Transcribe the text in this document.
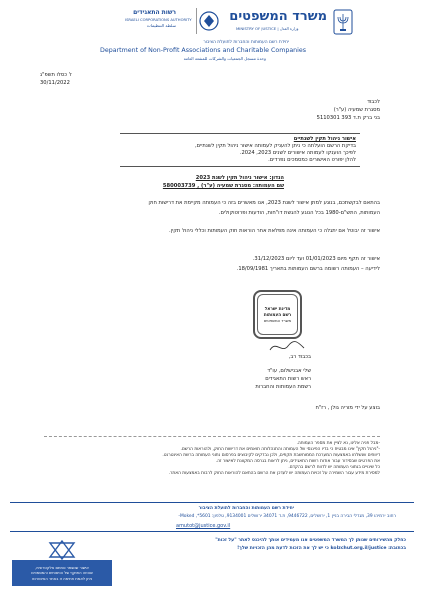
משרד המשפטים
MINISTRY OF JUSTICE | وزارة العدل
רשות התאגידים
ISRAELI CORPORATIONS AUTHORITY
سلطة التنظيمات
יחידת רשם העמותות והחברות לתועלת הציבור
Department of Non-Profit Associations and Charitable Companies
وحدة مسجل الجمعيات والشركات للمنفعة العامة
ז' כסלו תשפ"ג
30/11/2022
לכבוד
מסגרת שמעיה (ע"ר)
בני ברק ת.ד 393 5110301
אישור ניהול תקין לשנתיים
בדיקת הרשם הועלתה כי ניתן להעניק לעמותה אישור ניהול תקין לשנתיים,
לפיכך הוענקו לעמותה אישורים לשנים 2023, 2024.
להלן יפורט האישורים כמסמכים נפרדים.
הנדון: אישור ניהול תקין לשנת 2023
שם העמותה: מסגרת שמעיה (ע"ר) , 580003739
בהתאם לבקשתכם, בנוגע למתן אישור לשנת 2023, אנו מאשרים בזה כי העמותה מקיימת את דרישות חוק
העמותות, התש"ם-1980 בכל הנוגע להגשת דו"חות, הודעות ופרוטוקולים.
אישור זה יבוטל אם יתגלה כי העמותה אינה מפלאת אחר הוראות חוק העמותות וכללי ניהול תקין.
אישור זה תקף מיום 01/01/2023 ועד ליום 31/12/2023.
לידיעה – העמותה רשומה ברשם העמותות בתאריך 18/09/1981.
מדינת ישראל
רשם העמותות
משרד המשפטים
בכבוד רב,
שלי אבנישלום, עו"ד
ראש רשות התאגידים
רשמת העמותות והחברות
בוצע על ידי מוריה גולן , רז"ח
-מבל פניה אלינו, נא לציין את מספר העמותה.
-"ניהול תקין" אינו מבטיח כי בדיו הפיננסי של העמותה והתנהלותה תואמים את דרישות החוק, ולהוראות הרשם.
דיווחים שנשלחו באמצעות המערכת הממוחשבת תקפים, ולכן נבדקים לקיבוצים בפרסום נתוני העמותה ברשת האינטרנט.
את הפרטים שבסידור עבור אודות רשות התאגידים, ניתן לראות בגרסה המקוונת לאישור זה.
כל שינויים בנתוני העמותה יש לדווח לרשם בהקדם.
למסירת מידע עבור השמירה על זכויות העמותה יש לעדכן את הרשם בהתאם להוראות החוק לרבות באמצעות האתר.
יחידת רשם העמותות והחברות לתועלת הציבור
רחוב ירמיהו 39, מגדלי הבירה בניין 1, ירושלים, 9446722, ת.ד 34071 ירושלים 9134001, טלפון: 5601*, Moked-
amutot@justice.gov.il
כחלק מהשירותים שנותן לך המשרד המשפטים אנו מעמידים אותך להיכנס לאתר "על זכות"
בכתובת: kolzchut.org.il/justice כי יש לך את הזכות לדעת מהן הזכויות שלך!
אישור שנשמר ונחתם אלקטרונית,
שהוזה התוקף של הניסוחים והמסמכים
ניתן לאמת חתימה זו באתר האינטרנט
